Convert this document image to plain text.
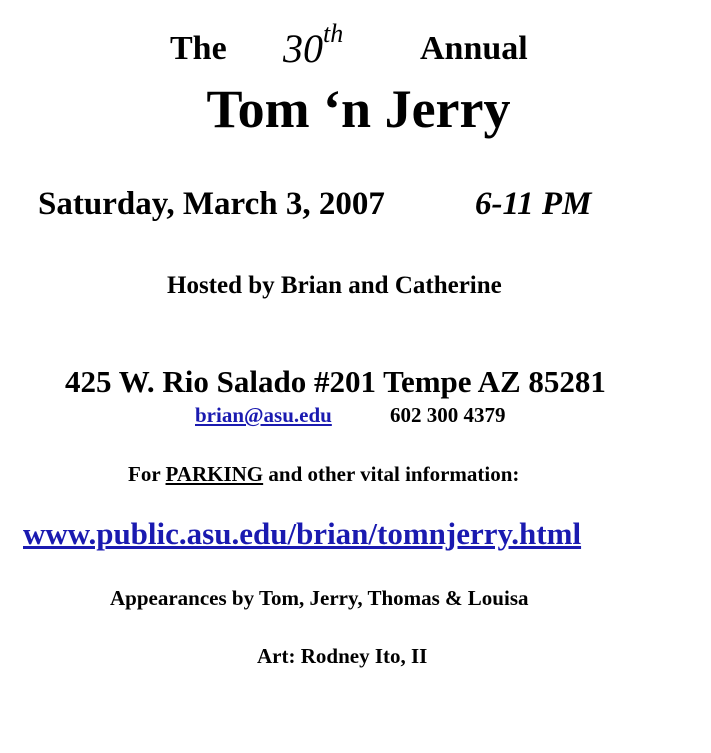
The 30th Annual
Tom ‘n Jerry
Saturday, March 3, 2007	6-11 PM
Hosted by Brian and Catherine
425 W. Rio Salado #201 Tempe AZ 85281
brian@asu.edu	602 300 4379
For PARKING and other vital information:
www.public.asu.edu/brian/tomnjerry.html
Appearances by Tom, Jerry, Thomas & Louisa
Art: Rodney Ito, II
